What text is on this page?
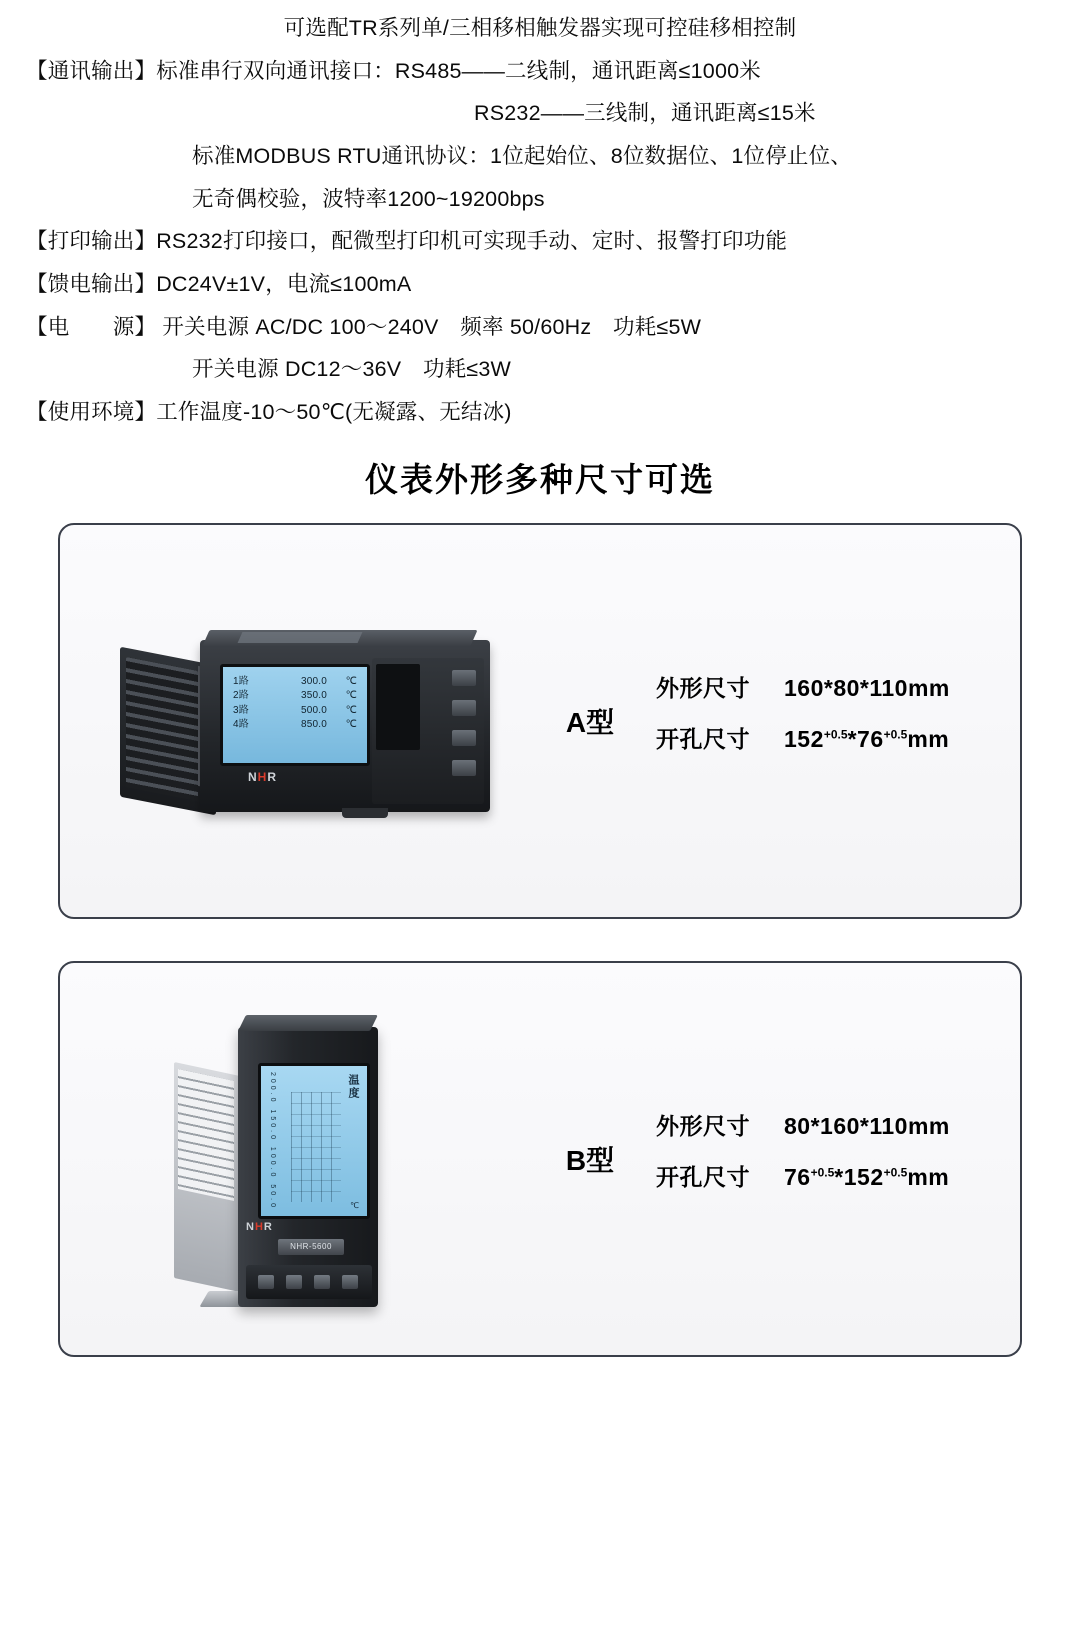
可选配TR系列单/三相移相触发器实现可控硅移相控制

【通讯输出】标准串行双向通讯接口：RS485——二线制，通讯距离≤1000米

RS232——三线制，通讯距离≤15米

标准MODBUS RTU通讯协议：1位起始位、8位数据位、1位停止位、

无奇偶校验，波特率1200~19200bps

【打印输出】RS232打印接口，配微型打印机可实现手动、定时、报警打印功能

【馈电输出】DC24V±1V，电流≤100mA

【电　　源】 开关电源 AC/DC 100～240V　频率 50/60Hz　功耗≤5W

开关电源 DC12～36V　功耗≤3W

【使用环境】工作温度-10～50℃(无凝露、无结冰)

仪表外形多种尺寸可选
1路	300.0	℃
2路	350.0	℃
3路	500.0	℃
4路	850.0	℃
NHR
A型
外形尺寸	160*80*110mm
开孔尺寸	$152^{+0.5}*76^{+0.5}mm$
200.0 150.0 100.0 50.0	温度
℃
NHR
NHR-5600
B型
外形尺寸	80*160*110mm
开孔尺寸	$76^{+0.5}*152^{+0.5}mm$
